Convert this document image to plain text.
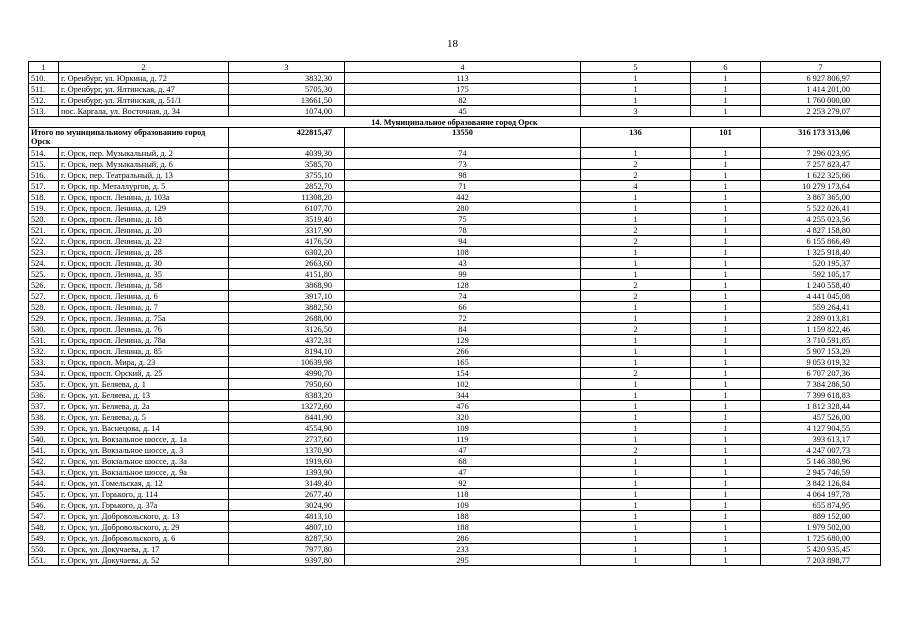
18
1	2	3	4	5	6	7
510.	г. Оренбург, ул. Юркина, д. 72	3832,30	113	1	1	6 927 806,97
511.	г. Оренбург, ул. Ялтинская, д. 47	5705,30	175	1	1	1 414 201,00
512.	г. Оренбург, ул. Ялтинская, д. 51/1	13661,50	82	1	1	1 760 000,00
513.	пос. Каргала, ул. Восточная, д. 34	1074,00	45	3	1	2 253 279,07
14. Муниципальное образование город Орск						
Итого по муниципальному образованию город Орск		422815,47	13550	136	101	316 173 313,06
514.	г. Орск, пер. Музыкальный, д. 2	4039,30	74	1	1	7 296 023,95
515.	г. Орск, пер. Музыкальный, д. 6	3585,70	73	2	1	7 257 823,47
516.	г. Орск, пер. Театральный, д. 13	3755,10	98	2	1	1 622 325,66
517.	г. Орск, пр. Металлургов, д. 5	2852,70	71	4	1	10 279 173,64
518.	г. Орск, просп. Ленина, д. 103а	11308,20	442	1	1	3 867 365,00
519.	г. Орск, просп. Ленина, д. 129	6107,70	280	1	1	5 522 026,41
520.	г. Орск, просп. Ленина, д. 18	3519,40	75	1	1	4 255 023,56
521.	г. Орск, просп. Ленина, д. 20	3317,90	78	2	1	4 827 158,80
522.	г. Орск, просп. Ленина, д. 22	4176,50	94	2	1	6 155 866,49
523.	г. Орск, просп. Ленина, д. 28	6302,20	108	1	1	1 325 918,40
524.	г. Орск, просп. Ленина, д. 30	2663,60	43	1	1	520 195,37
525.	г. Орск, просп. Ленина, д. 35	4151,80	99	1	1	592 105,17
526.	г. Орск, просп. Ленина, д. 58	3868,90	128	2	1	1 240 558,40
527.	г. Орск, просп. Ленина, д. 6	3917,10	74	2	1	4 441 045,08
528.	г. Орск, просп. Ленина, д. 7	3882,50	66	1	1	559 264,41
529.	г. Орск, просп. Ленина, д. 75а	2688,00	72	1	1	2 289 013,81
530.	г. Орск, просп. Ленина, д. 76	3126,50	84	2	1	1 159 822,46
531.	г. Орск, просп. Ленина, д. 78а	4372,31	129	1	1	3 710 591,85
532.	г. Орск, просп. Ленина, д. 85	8194,10	266	1	1	5 907 153,29
533.	г. Орск, просп. Мира, д. 23	10639,98	165	1	1	9 053 019,32
534.	г. Орск, просп. Орский, д. 25	4990,70	154	2	1	6 707 207,36
535.	г. Орск, ул. Беляева, д. 1	7950,60	102	1	1	7 384 286,50
536.	г. Орск, ул. Беляева, д. 13	8383,20	344	1	1	7 399 618,83
537.	г. Орск, ул. Беляева, д. 2а	13272,60	476	1	1	1 812 328,44
538.	г. Орск, ул. Беляева, д. 5	8441,90	320	1	1	457 526,00
539.	г. Орск, ул. Васнецова, д. 14	4554,90	109	1	1	4 127 904,55
540.	г. Орск, ул. Вокзальное шоссе, д. 1а	2737,60	119	1	1	393 613,17
541.	г. Орск, ул. Вокзальное шоссе, д. 3	1370,90	47	2	1	4 247 007,73
542.	г. Орск, ул. Вокзальное шоссе, д. 3а	1919,60	68	1	1	5 146 380,96
543.	г. Орск, ул. Вокзальное шоссе, д. 9а	1393,90	47	1	1	2 945 746,59
544.	г. Орск, ул. Гомельская, д. 12	3149,40	92	1	1	3 842 126,84
545.	г. Орск, ул. Горького, д. 114	2677,40	118	1	1	4 064 197,78
546.	г. Орск, ул. Горького, д. 37а	3024,90	109	1	1	655 874,95
547.	г. Орск, ул. Добровольского, д. 13	4813,10	188	1	1	889 152,00
548.	г. Орск, ул. Добровольского, д. 29	4807,10	188	1	1	1 979 502,00
549.	г. Орск, ул. Добровольского, д. 6	8287,50	286	1	1	1 725 680,00
550.	г. Орск, ул. Докучаева, д. 17	7977,80	233	1	1	5 420 935,45
551.	г. Орск, ул. Докучаева, д. 52	9397,80	295	1	1	7 203 898,77
